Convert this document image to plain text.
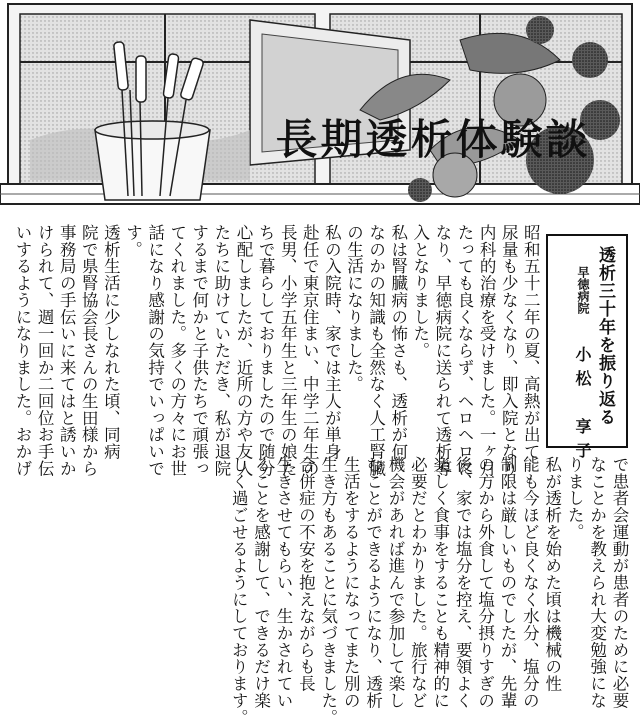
長期透析体験談
透析三十年を振り返る
早徳病院
小松　享子
昭和五十二年の夏、高熱が出て
尿量も少なくなり、即入院となり
内科的治療を受けました。一ヶ月
たっても良くならず、ヘロヘロに
なり、早徳病院に送られて透析導
入となりました。
私は腎臓病の怖さも、透析が何
なのかの知識も全然なく人工腎臓
の生活になりました。
私の入院時、家では主人が単身
赴任で東京住まい、中学二年生の
長男、小学五年生と三年生の娘た
ちで暮らしておりましたので随分
心配しましたが、近所の方や友人
たちに助けていただき、私が退院
するまで何かと子供たちで頑張っ
てくれました。多くの方々にお世
話になり感謝の気持でいっぱいで
す。
透析生活に少しなれた頃、同病
院で県腎協会長さんの生田様から
事務局の手伝いに来てはと誘いか
けられて、週一回か二回位お手伝
いするようになりました。おかげ
で患者会運動が患者のために必要
なことかを教えられ大変勉強にな
りました。
私が透析を始めた頃は機械の性
能も今ほど良くなく水分、塩分の
制限は厳しいものでしたが、先輩
の方から外食して塩分摂りすぎの
後、家では塩分を控え、要領よく
楽しく食事をすることも精神的に
必要だとわかりました。旅行など
機会があれば進んで参加して楽し
むことができるようになり、透析
生活をするようになってまた別の
生き方もあることに気づきました。
合併症の不安を抱えながらも長
生きさせてもらい、生かされてい
ることを感謝して、できるだけ楽
しく過ごせるようにしております。
